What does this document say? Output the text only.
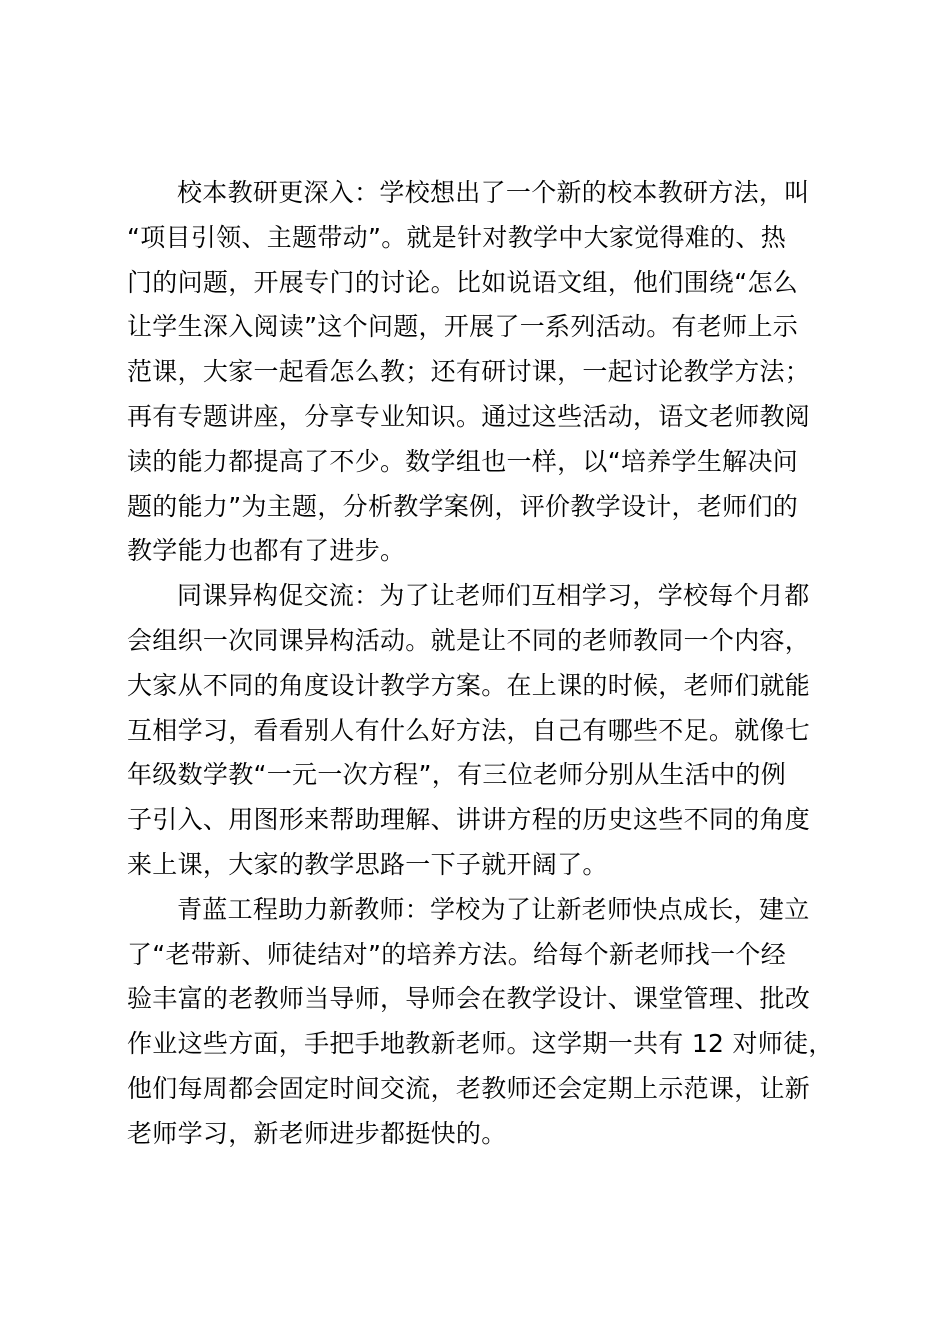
校本教研更深入：学校想出了一个新的校本教研方法，叫
“项目引领、主题带动”。就是针对教学中大家觉得难的、热
门的问题，开展专门的讨论。比如说语文组，他们围绕“怎么
让学生深入阅读”这个问题，开展了一系列活动。有老师上示
范课，大家一起看怎么教；还有研讨课，一起讨论教学方法；
再有专题讲座，分享专业知识。通过这些活动，语文老师教阅
读的能力都提高了不少。数学组也一样，以“培养学生解决问
题的能力”为主题，分析教学案例，评价教学设计，老师们的
教学能力也都有了进步。
同课异构促交流：为了让老师们互相学习，学校每个月都
会组织一次同课异构活动。就是让不同的老师教同一个内容，
大家从不同的角度设计教学方案。在上课的时候，老师们就能
互相学习，看看别人有什么好方法，自己有哪些不足。就像七
年级数学教“一元一次方程”，有三位老师分别从生活中的例
子引入、用图形来帮助理解、讲讲方程的历史这些不同的角度
来上课，大家的教学思路一下子就开阔了。
青蓝工程助力新教师：学校为了让新老师快点成长，建立
了“老带新、师徒结对”的培养方法。给每个新老师找一个经
验丰富的老教师当导师，导师会在教学设计、课堂管理、批改
作业这些方面，手把手地教新老师。这学期一共有 12 对师徒，
他们每周都会固定时间交流，老教师还会定期上示范课，让新
老师学习，新老师进步都挺快的。
